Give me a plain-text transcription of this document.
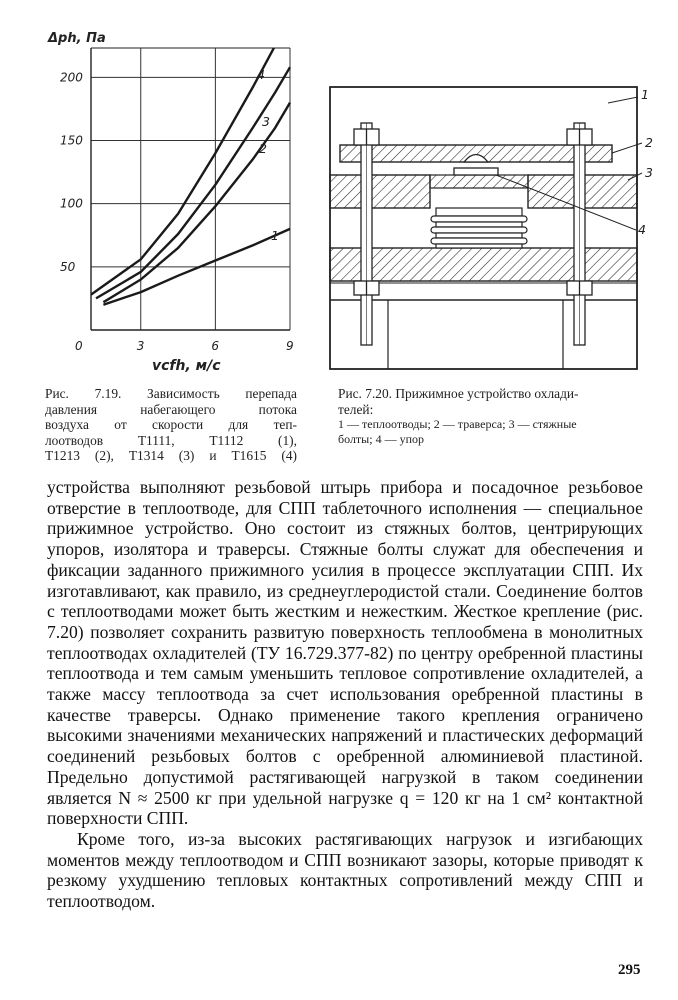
50
100
150
200
0	3	6	9
1
2
3
4
Δph, Па
vcfh, м/с
1
2
3
4

Рис. 7.19. Зависимость перепада

давления набегающего потока

воздуха от скорости для теп-

лоотводов Т1111, Т1112 (1),

Т1213 (2), Т1314 (3) и Т1615 (4)

Рис. 7.20. Прижимное устройство охлади-

телей:

1 — теплоотводы; 2 — траверса; 3 — стяжные

болты; 4 — упор

устройства выполняют резьбовой штырь прибора и посадочное резьбовое отверстие в теплоотводе, для СПП таблеточного исполнения — специальное прижимное устройство. Оно состоит из стяжных болтов, центрирующих упоров, изолятора и траверсы. Стяжные болты служат для обеспечения и фиксации заданного прижимного усилия в процессе эксплуатации СПП. Их изготавливают, как правило, из среднеуглеродистой стали. Соединение болтов с теплоотводами может быть жестким и нежестким. Жесткое крепление (рис. 7.20) позволяет сохранить развитую поверхность теплообмена в монолитных теплоотводах охладителей (ТУ 16.729.377-82) по центру оребренной пластины теплоотвода и тем самым уменьшить тепловое сопротивление охладителей, а также массу теплоотвода за счет использования оребренной пластины в качестве траверсы. Однако применение такого крепления ограничено высокими значениями механических напряжений и пластических деформаций соединений резьбовых болтов с оребренной алюминиевой пластиной. Предельно допустимой растягивающей нагрузкой в таком соединении является N ≈ 2500 кг при удельной нагрузке q = 120 кг на 1 см² контактной поверхности СПП.

Кроме того, из-за высоких растягивающих нагрузок и изгибающих моментов между теплоотводом и СПП возникают зазоры, которые приводят к резкому ухудшению тепловых контактных сопротивлений между СПП и теплоотводом.

295
